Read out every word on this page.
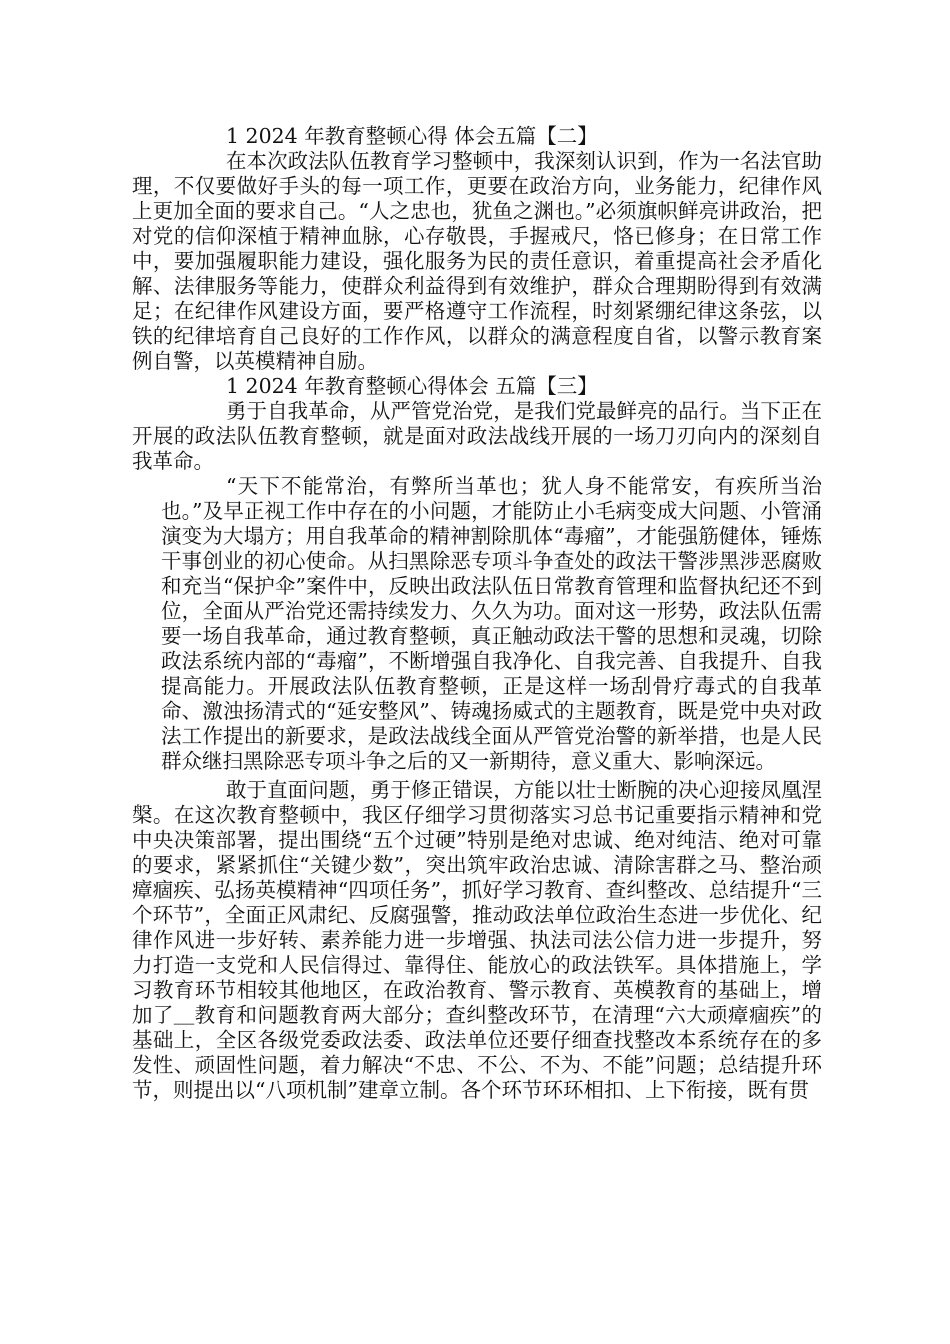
1 2024 年教育整顿心得 体会五篇【二】

在本次政法队伍教育学习整顿中，我深刻认识到，作为一名法官助理，不仅要做好手头的每一项工作，更要在政治方向，业务能力，纪律作风上更加全面的要求自己。“人之忠也，犹鱼之渊也。”必须旗帜鲜亮讲政治，把对党的信仰深植于精神血脉，心存敬畏，手握戒尺，恪已修身；在日常工作中，要加强履职能力建设，强化服务为民的责任意识，着重提高社会矛盾化解、法律服务等能力，使群众利益得到有效维护，群众合理期盼得到有效满足；在纪律作风建设方面，要严格遵守工作流程，时刻紧绷纪律这条弦，以铁的纪律培育自己良好的工作作风，以群众的满意程度自省，以警示教育案例自警，以英模精神自励。

1 2024 年教育整顿心得体会 五篇【三】

勇于自我革命，从严管党治党，是我们党最鲜亮的品行。当下正在开展的政法队伍教育整顿，就是面对政法战线开展的一场刀刃向内的深刻自我革命。

“天下不能常治，有弊所当革也；犹人身不能常安，有疾所当治也。”及早正视工作中存在的小问题，才能防止小毛病变成大问题、小管涌演变为大塌方；用自我革命的精神割除肌体“毒瘤”，才能强筋健体，锤炼干事创业的初心使命。从扫黑除恶专项斗争查处的政法干警涉黑涉恶腐败和充当“保护伞”案件中，反映出政法队伍日常教育管理和监督执纪还不到位，全面从严治党还需持续发力、久久为功。面对这一形势，政法队伍需要一场自我革命，通过教育整顿，真正触动政法干警的思想和灵魂，切除政法系统内部的“毒瘤”，不断增强自我净化、自我完善、自我提升、自我提高能力。开展政法队伍教育整顿，正是这样一场刮骨疗毒式的自我革命、激浊扬清式的“延安整风”、铸魂扬威式的主题教育，既是党中央对政法工作提出的新要求，是政法战线全面从严管党治警的新举措，也是人民群众继扫黑除恶专项斗争之后的又一新期待，意义重大、影响深远。

敢于直面问题，勇于修正错误，方能以壮士断腕的决心迎接凤凰涅槃。在这次教育整顿中，我区仔细学习贯彻落实习总书记重要指示精神和党中央决策部署，提出围绕“五个过硬”特别是绝对忠诚、绝对纯洁、绝对可靠的要求，紧紧抓住“关键少数”，突出筑牢政治忠诚、清除害群之马、整治顽瘴痼疾、弘扬英模精神“四项任务”，抓好学习教育、查纠整改、总结提升“三个环节”，全面正风肃纪、反腐强警，推动政法单位政治生态进一步优化、纪律作风进一步好转、素养能力进一步增强、执法司法公信力进一步提升，努力打造一支党和人民信得过、靠得住、能放心的政法铁军。具体措施上，学习教育环节相较其他地区，在政治教育、警示教育、英模教育的基础上，增加了＿教育和问题教育两大部分；查纠整改环节，在清理“六大顽瘴痼疾”的基础上，全区各级党委政法委、政法单位还要仔细查找整改本系统存在的多发性、顽固性问题，着力解决“不忠、不公、不为、不能”问题；总结提升环节，则提出以“八项机制”建章立制。各个环节环环相扣、上下衔接，既有贯
